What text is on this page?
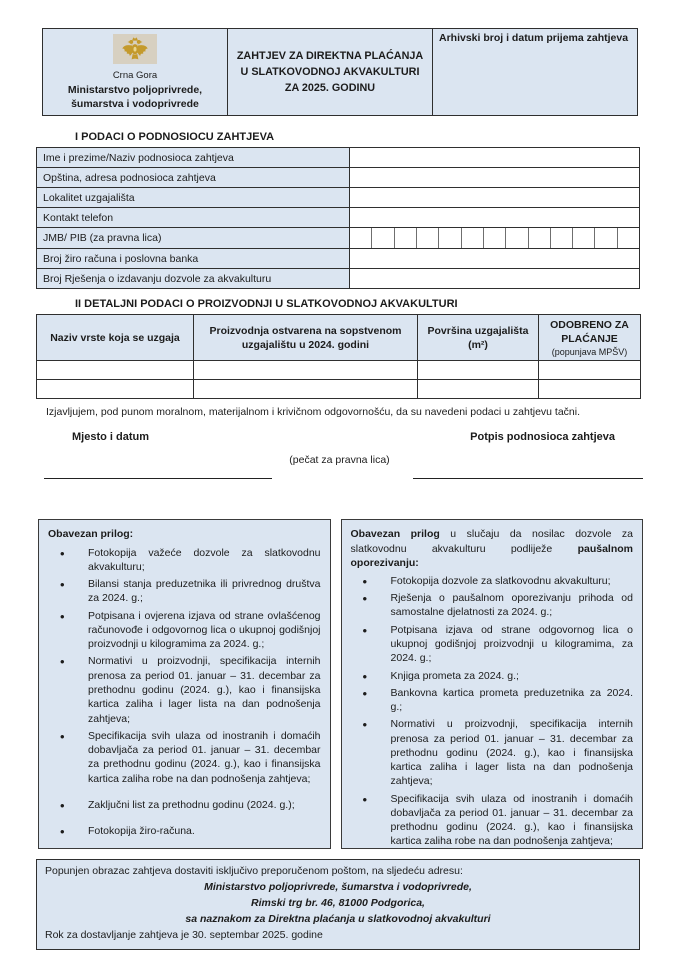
Crna Gora
Ministarstvo poljoprivrede, šumarstva i vodoprivrede

ZAHTJEV ZA DIREKTNA PLAĆANJA
U SLATKOVODNOJ AKVAKULTURI
ZA 2025. GODINU
	Arhivski broj i datum prijema zahtjeva
I PODACI O PODNOSIOCU ZAHTJEVA
Ime i prezime/Naziv podnosioca zahtjeva	
Opština, adresa podnosioca zahtjeva	
Lokalitet uzgajališta	
Kontakt telefon	
JMB/ PIB (za pravna lica)	

Broj žiro računa i poslovna banka	
Broj Rješenja o izdavanju dozvole za akvakulturu	
II DETALJNI PODACI O PROIZVODNJI U SLATKOVODNOJ AKVAKULTURI
Naziv vrste koja se uzgaja	Proizvodnja ostvarena na sopstvenom uzgajalištu u 2024. godini	Površina uzgajališta (m²)	ODOBRENO ZA PLAĆANJE
(popunjava MPŠV)

Izjavljujem, pod punom moralnom, materijalnom i krivičnom odgovornošću, da su navedeni podaci u zahtjevu tačni.
Mjesto i datum	Potpis podnosioca zahtjeva
(pečat za pravna lica)

Obavezan prilog:

• Fotokopija važeće dozvole za slatkovodnu akvakulturu;
• Bilansi stanja preduzetnika ili privrednog društva za 2024. g.;
• Potpisana i ovjerena izjava od strane ovlašćenog računovođe i odgovornog lica o ukupnoj godišnjoj proizvodnji u kilogramima za 2024. g.;
• Normativi u proizvodnji, specifikacija internih prenosa za period 01. januar – 31. decembar za prethodnu godinu (2024. g.), kao i finansijska kartica zaliha i lager lista na dan podnošenja zahtjeva;
• Specifikacija svih ulaza od inostranih i domaćih dobavljača za period 01. januar – 31. decembar za prethodnu godinu (2024. g.), kao i finansijska kartica zaliha robe na dan podnošenja zahtjeva;
• Zaključni list za prethodnu godinu (2024. g.);
• Fotokopija žiro-računa.

Obavezan prilog u slučaju da nosilac dozvole za slatkovodnu akvakulturu podliježe paušalnom oporezivanju:

• Fotokopija dozvole za slatkovodnu akvakulturu;
• Rješenja o paušalnom oporezivanju prihoda od samostalne djelatnosti za 2024. g.;
• Potpisana izjava od strane odgovornog lica o ukupnoj godišnjoj proizvodnji u kilogramima, za 2024. g.;
• Knjiga prometa za 2024. g.;
• Bankovna kartica prometa preduzetnika za 2024. g.;
• Normativi u proizvodnji, specifikacija internih prenosa za period 01. januar – 31. decembar za prethodnu godinu (2024. g.), kao i finansijska kartica zaliha i lager lista na dan podnošenja zahtjeva;
• Specifikacija svih ulaza od inostranih i domaćih dobavljača za period 01. januar – 31. decembar za prethodnu godinu (2024. g.), kao i finansijska kartica zaliha robe na dan podnošenja zahtjeva;
Popunjen obrazac zahtjeva dostaviti isključivo preporučenom poštom, na sljedeću adresu:
Ministarstvo poljoprivrede, šumarstva i vodoprivrede,
Rimski trg br. 46, 81000 Podgorica,
sa naznakom za Direktna plaćanja u slatkovodnoj akvakulturi
Rok za dostavljanje zahtjeva je 30. septembar 2025. godine
